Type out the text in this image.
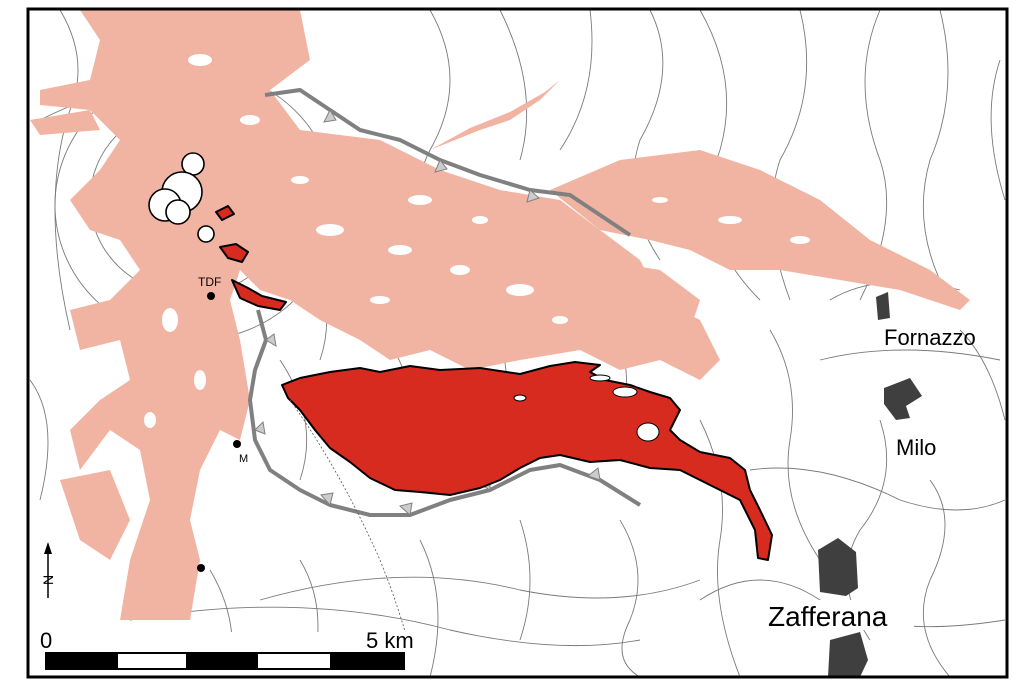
TDF
M
Fornazzo
Milo
Zafferana
N
0	5 km
